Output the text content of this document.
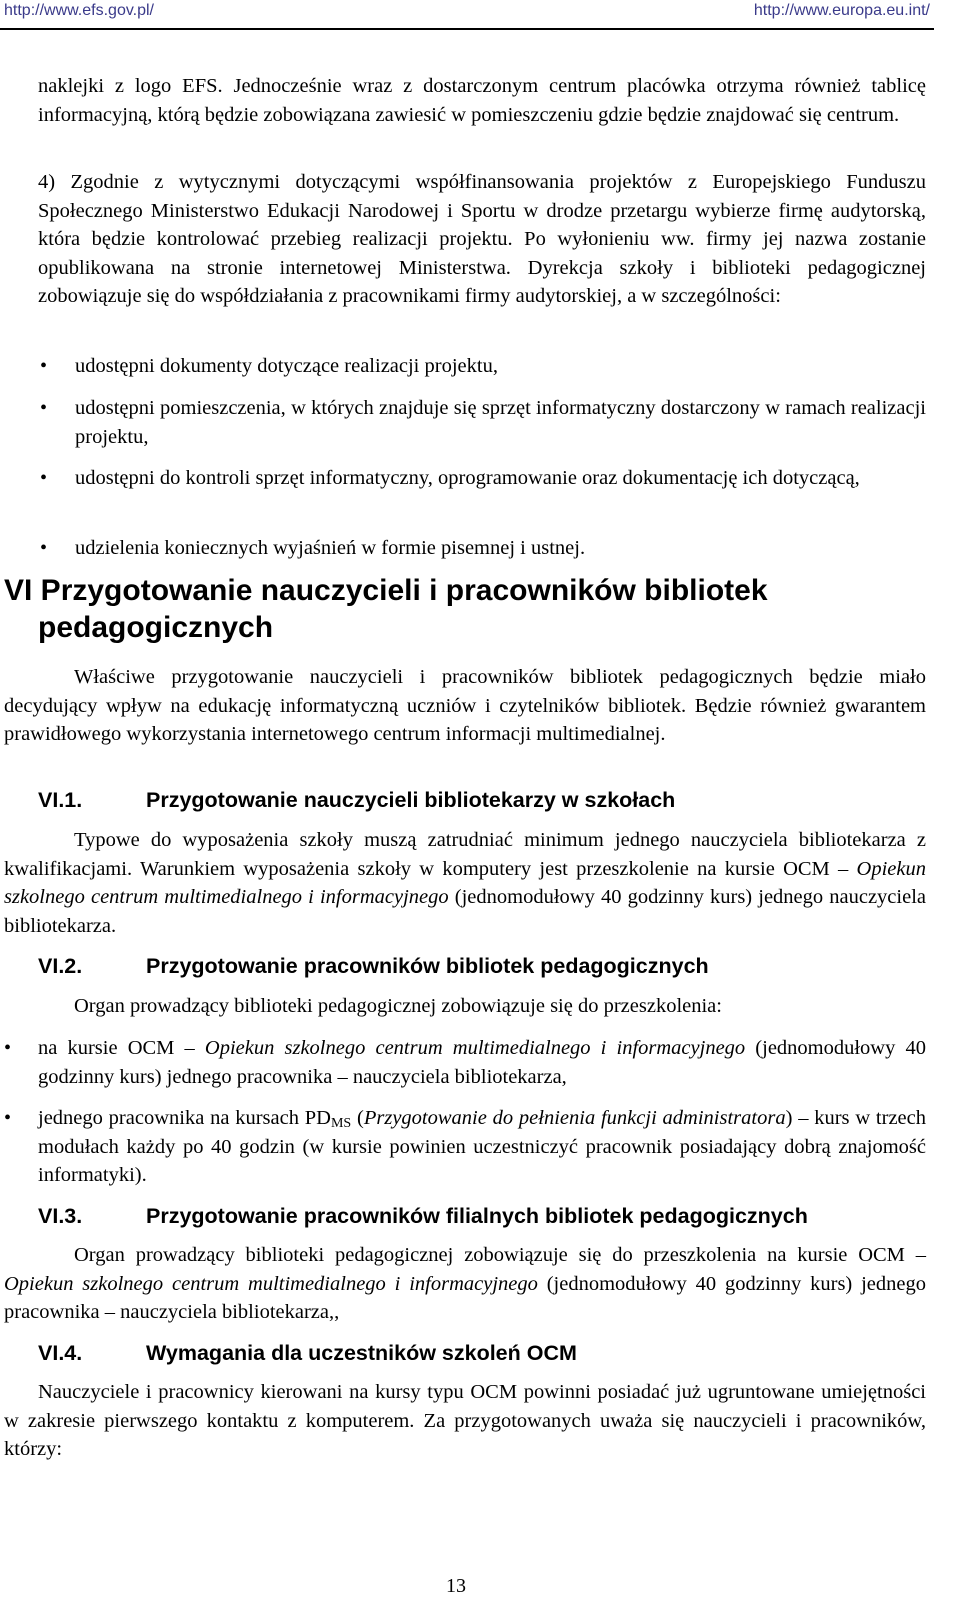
http://www.efs.gov.pl/	http://www.europa.eu.int/

naklejki z logo EFS. Jednocześnie wraz z dostarczonym centrum placówka otrzyma również tablicę informacyjną, którą będzie zobowiązana zawiesić w pomieszczeniu gdzie będzie znajdować się centrum.

4) Zgodnie z wytycznymi dotyczącymi współfinansowania projektów z Europejskiego Funduszu Społecznego Ministerstwo Edukacji Narodowej i Sportu w drodze przetargu wybierze firmę audytorską, która będzie kontrolować przebieg realizacji projektu. Po wyłonieniu ww. firmy jej nazwa zostanie opublikowana na stronie internetowej Ministerstwa. Dyrekcja szkoły i biblioteki pedagogicznej zobowiązuje się do współdziałania z pracownikami firmy audytorskiej, a w szczególności:

• udostępni dokumenty dotyczące realizacji projektu,

• udostępni pomieszczenia, w których znajduje się sprzęt informatyczny dostarczony w ramach realizacji projektu,

• udostępni do kontroli sprzęt informatyczny, oprogramowanie oraz dokumentację ich dotyczącą,

• udzielenia koniecznych wyjaśnień w formie pisemnej i ustnej.

VI Przygotowanie nauczycieli i pracowników bibliotek
pedagogicznych

Właściwe przygotowanie nauczycieli i pracowników bibliotek pedagogicznych będzie miało decydujący wpływ na edukację informatyczną uczniów i czytelników bibliotek. Będzie również gwarantem prawidłowego wykorzystania internetowego centrum informacji multimedialnej.

VI.1.	Przygotowanie nauczycieli bibliotekarzy w szkołach

Typowe do wyposażenia szkoły muszą zatrudniać minimum jednego nauczyciela bibliotekarza z kwalifikacjami. Warunkiem wyposażenia szkoły w komputery jest przeszkolenie na kursie OCM – Opiekun szkolnego centrum multimedialnego i informacyjnego (jednomodułowy 40 godzinny kurs) jednego nauczyciela bibliotekarza.

VI.2.	Przygotowanie pracowników bibliotek pedagogicznych

Organ prowadzący biblioteki pedagogicznej zobowiązuje się do przeszkolenia:

• na kursie OCM – Opiekun szkolnego centrum multimedialnego i informacyjnego (jednomodułowy 40 godzinny kurs) jednego pracownika – nauczyciela bibliotekarza,

• jednego pracownika na kursach $PD_{MS}$ (Przygotowanie do pełnienia funkcji administratora) – kurs w trzech modułach każdy po 40 godzin (w kursie powinien uczestniczyć pracownik posiadający dobrą znajomość informatyki).

VI.3.	Przygotowanie pracowników filialnych bibliotek pedagogicznych

Organ prowadzący biblioteki pedagogicznej zobowiązuje się do przeszkolenia na kursie OCM – Opiekun szkolnego centrum multimedialnego i informacyjnego (jednomodułowy 40 godzinny kurs) jednego pracownika – nauczyciela bibliotekarza,,

VI.4.	Wymagania dla uczestników szkoleń OCM

Nauczyciele i pracownicy kierowani na kursy typu OCM powinni posiadać już ugruntowane umiejętności w zakresie pierwszego kontaktu z komputerem. Za przygotowanych uważa się nauczycieli i pracowników, którzy:

13
